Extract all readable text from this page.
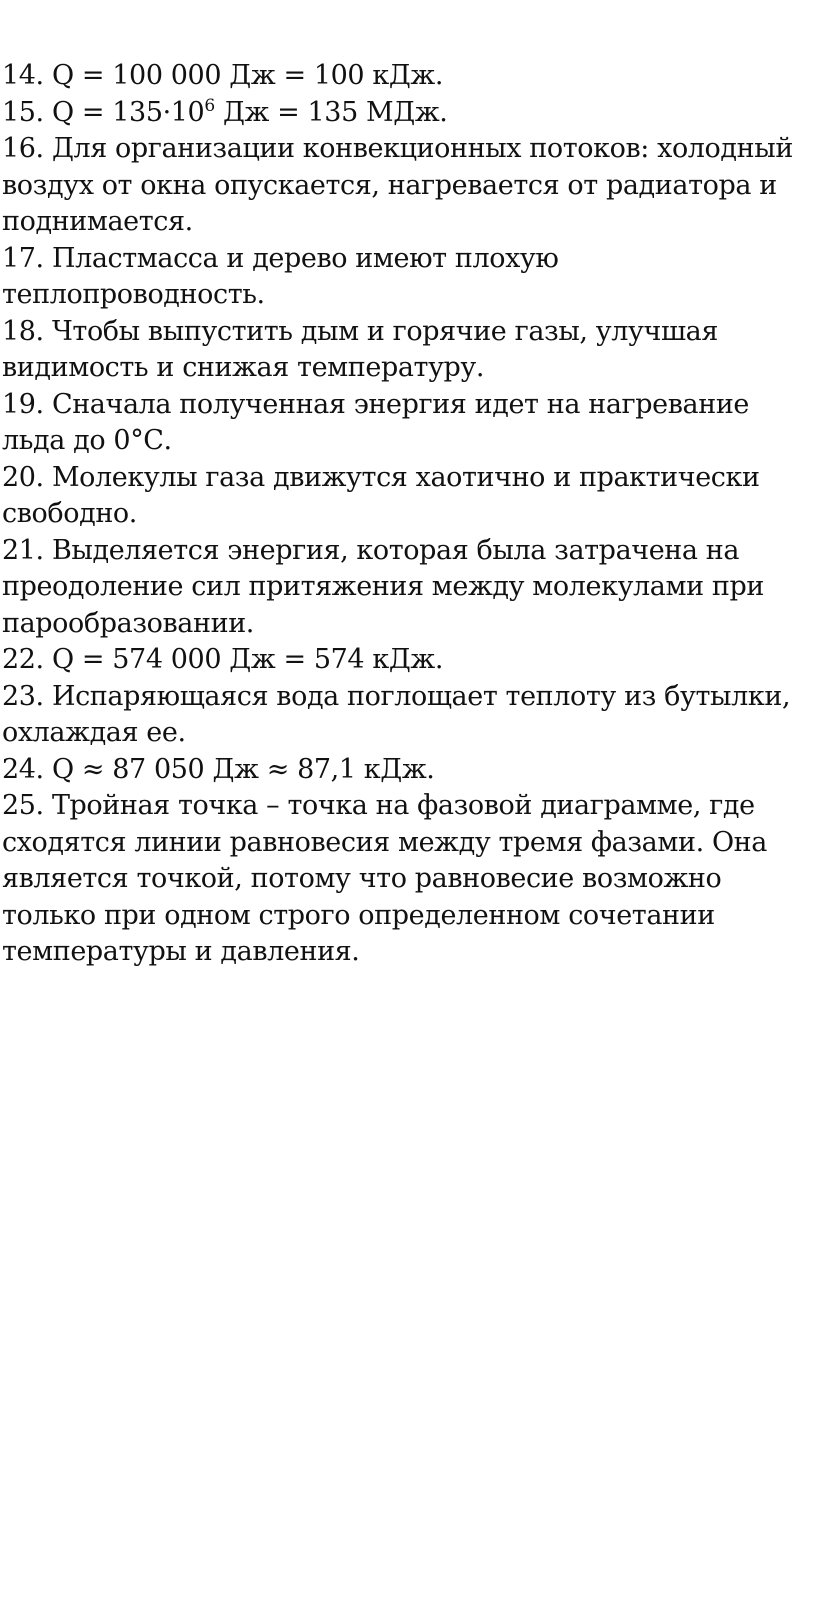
14. Q = 100 000 Дж = 100 кДж.
15. $Q = 135\cdot 10^6$ Дж = 135 МДж.
16. Для организации конвекционных потоков: холодный воздух от окна опускается, нагревается от радиатора и поднимается.
17. Пластмасса и дерево имеют плохую теплопроводность.
18. Чтобы выпустить дым и горячие газы, улучшая видимость и снижая температуру.
19. Сначала полученная энергия идет на нагревание льда до 0°С.
20. Молекулы газа движутся хаотично и практически свободно.
21. Выделяется энергия, которая была затрачена на преодоление сил притяжения между молекулами при парообразовании.
22. Q = 574 000 Дж = 574 кДж.
23. Испаряющаяся вода поглощает теплоту из бутылки, охлаждая ее.
24. Q ≈ 87 050 Дж ≈ 87,1 кДж.
25. Тройная точка – точка на фазовой диаграмме, где сходятся линии равновесия между тремя фазами. Она является точкой, потому что равновесие возможно только при одном строго определенном сочетании температуры и давления.
